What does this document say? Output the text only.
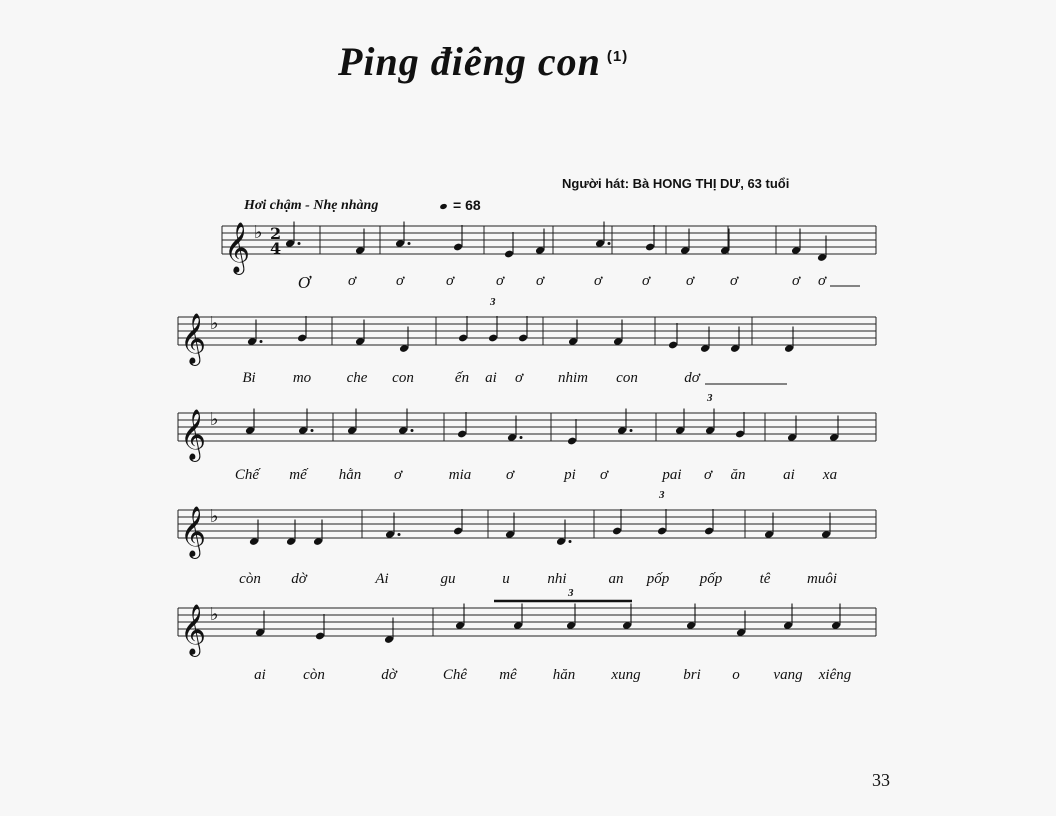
Ping điêng con $^{(1)}$
Người hát: Bà HONG THỊ DƯ, 63 tuổi
Hơi chậm - Nhẹ nhàng	= 68
𝄞 ♭ 2
4
𝄞 ♭
3
𝄞 ♭
3
𝄞 ♭
3
𝄞 ♭
3
Ơ	ơ	ơ	ơ	ơ ơ	ơ	ơ ơ ơ	ơ ơ
Bi mo che con	ến ai ơ nhim con	dơ
Chế mế hằn ơ	mia ơ	pi ơ	pai ơ ăn	ai xa
còn dờ	Ai	gu	u	nhi	an pốp pốp tê muôi
ai còn	dờ	Chê mê hăn xung	bri o vang xiêng
33
